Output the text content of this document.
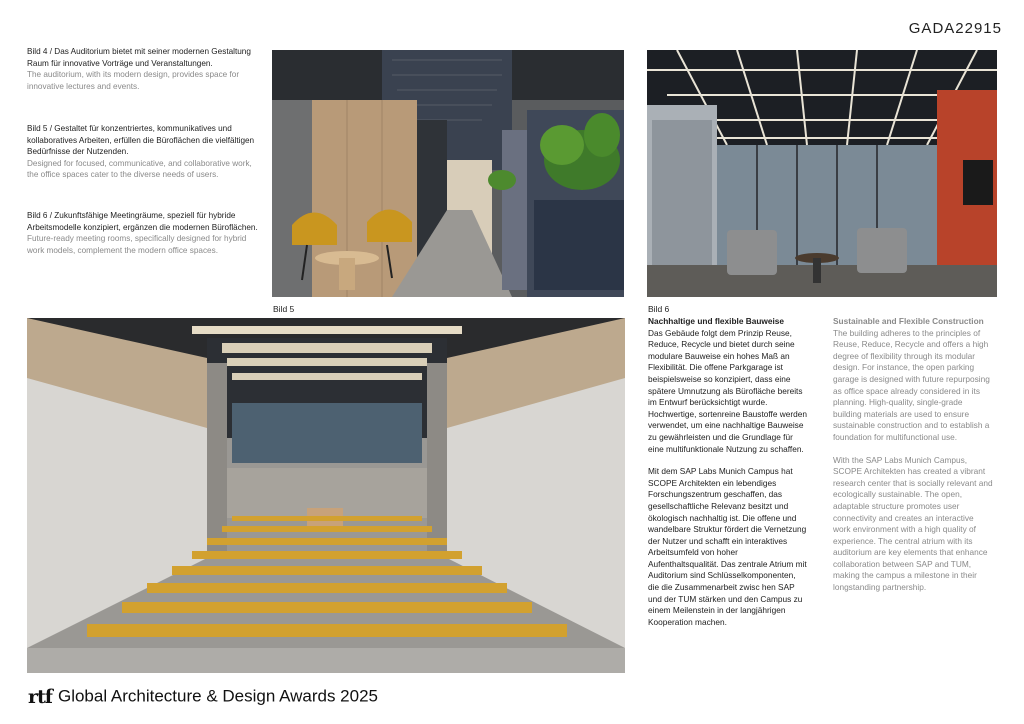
GADA22915
Bild 4 / Das Auditorium bietet mit seiner modernen Gestaltung Raum für innovative Vorträge und Veranstaltungen.
The auditorium, with its modern design, provides space for innovative lectures and events.
Bild 5 / Gestaltet für konzentriertes, kommunikatives und kollaboratives Arbeiten, erfüllen die Büroflächen die vielfältigen Bedürfnisse der Nutzenden.
Designed for focused, communicative, and collaborative work, the office spaces cater to the diverse needs of users.
Bild 6 / Zukunftsfähige Meetingräume, speziell für hybride Arbeitsmodelle konzipiert, ergänzen die modernen Büroflächen.
Future-ready meeting rooms, specifically designed for hybrid work models, complement the modern office spaces.
Bild 5	Bild 6

Nachhaltige und flexible Bauweise

Das Gebäude folgt dem Prinzip Reuse, Reduce, Recycle und bietet durch seine modulare Bauweise ein hohes Maß an Flexibilität. Die offene Parkgarage ist beispielsweise so konzipiert, dass eine spätere Umnutzung als Bürofläche bereits im Entwurf berücksichtigt wurde. Hochwertige, sortenreine Baustoffe werden verwendet, um eine nachhaltige Bauweise zu gewährleisten und die Grundlage für eine multifunktionale Nutzung zu schaffen.

Mit dem SAP Labs Munich Campus hat SCOPE Architekten ein lebendiges Forschungszentrum geschaffen, das gesellschaftliche Relevanz besitzt und ökologisch nachhaltig ist. Die offene und wandelbare Struktur fördert die Vernetzung der Nutzer und schafft ein interaktives Arbeitsumfeld von hoher Aufenthaltsqualität. Das zentrale Atrium mit Auditorium sind Schlüsselkomponenten, die die Zusammenarbeit zwisc hen SAP und der TUM stärken und den Campus zu einem Meilenstein in der langjährigen Kooperation machen.

Sustainable and Flexible Construction

The building adheres to the principles of Reuse, Reduce, Recycle and offers a high degree of flexibility through its modular design. For instance, the open parking garage is designed with future repurposing as office space already considered in its planning. High-quality, single-grade building materials are used to ensure sustainable construction and to establish a foundation for multifunctional use.

With the SAP Labs Munich Campus, SCOPE Architekten has created a vibrant research center that is socially relevant and ecologically sustainable. The open, adaptable structure promotes user connectivity and creates an interactive work environment with a high quality of experience. The central atrium with its auditorium are key elements that enhance collaboration between SAP and TUM, making the campus a milestone in their longstanding partnership.

rtf Global Architecture & Design Awards 2025
